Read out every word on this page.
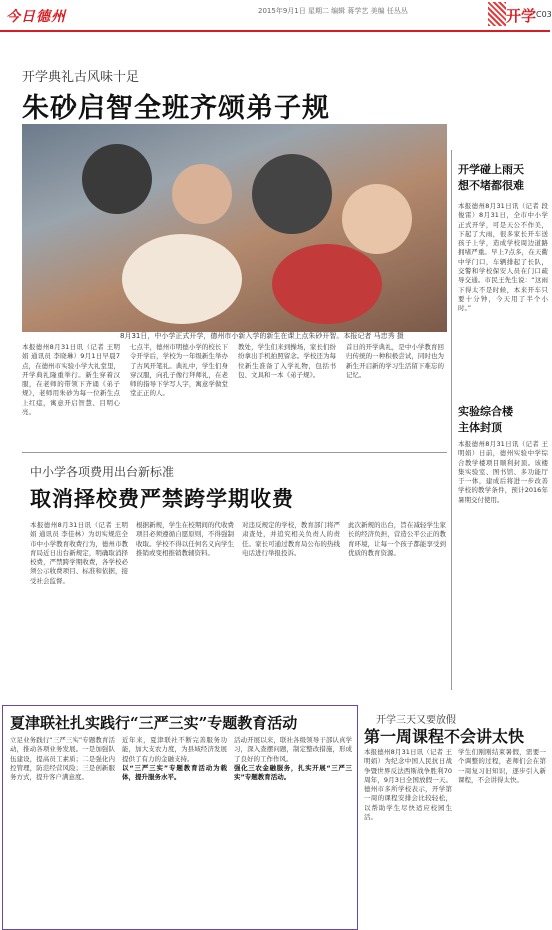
今日德州	2015年9月1日 星期二 编辑 蒋学艺 美编 任丛丛	开学 C03
开学典礼古风味十足
朱砂启智全班齐颂弟子规
8月31日，中小学正式开学，德州市小新入学的新生在课上点朱砂开智。本报记者 马忠秀 摄
本报德州8月31日讯（记者 王明娟 通讯员 李晓琳）9月1日早晨7点，在德州市实验小学大礼堂里，开学典礼隆重举行。新生穿着汉服，在老师的带领下齐诵《弟子规》，老师用朱砂为每一位新生点上红痣，寓意开启智慧、目明心亮。
七点半，德州市明德小学的校长下令开学后，学校为一年级新生举办了古风开笔礼。典礼中，学生们身穿汉服，向孔子像行拜师礼，在老师的指导下学写人字，寓意学做堂堂正正的人。
教处，学生们来到操场，家长们纷纷拿出手机拍照留念。学校还为每位新生准备了入学礼物，包括书包、文具和一本《弟子规》。
首日的开学典礼，是中小学教育回归传统的一种积极尝试，同时也为新生开启新的学习生活留下难忘的记忆。
开学碰上雨天
想不堵都很难
本报德州8月31日讯（记者 段俊雷）8月31日，全市中小学正式开学，可是天公不作美，下起了大雨，很多家长开车送孩子上学，造成学校周边道路拥堵严重。早上7点多，在天衢中学门口，车辆排起了长队，交警和学校保安人员在门口疏导交通。市民王先生说：“这雨下得太不是时候，本来开车只要十分钟，今天用了半个小时。”
实验综合楼
主体封顶
本报德州8月31日讯（记者 王明娟）日前，德州实验中学综合教学楼项目顺利封顶。该楼集实验室、图书馆、多功能厅于一体，建成后将进一步改善学校的教学条件，预计2016年暑期交付使用。
中小学各项费用出台新标准
取消择校费严禁跨学期收费
本报德州8月31日讯（记者 王明娟 通讯员 李佳林）为切实规范全市中小学教育收费行为，德州市教育局近日出台新规定，明确取消择校费，严禁跨学期收费，各学校必须公示收费项目、标准和依据，接受社会监督。
根据新规，学生在校期间的代收费项目必须遵循自愿原则，不得强制收取。学校不得以任何名义向学生推销或变相推销教辅资料。
对违反规定的学校，教育部门将严肃查处，并追究相关负责人的责任。家长可通过教育局公布的热线电话进行举报投诉。
此次新规的出台，旨在减轻学生家长的经济负担，营造公平公正的教育环境，让每一个孩子都能享受到优质的教育资源。
夏津联社扎实践行“三严三实”专题教育活动
立足业务践行“三严三实”专题教育活动，推动各项业务发展。一是加强队伍建设，提高员工素质；二是强化内控管理，防范经营风险；三是创新服务方式，提升客户满意度。
近年来，夏津联社不断完善服务功能，加大支农力度，为县域经济发展提供了有力的金融支持。
以“三严三实”专题教育活动为载体，提升服务水平。
活动开展以来，联社各级领导干部认真学习，深入查摆问题，制定整改措施，形成了良好的工作作风。
强化三农金融服务，扎实开展“三严三实”专题教育活动。
开学三天又要放假
第一周课程不会讲太快
本报德州8月31日讯（记者 王明娟）为纪念中国人民抗日战争暨世界反法西斯战争胜利70周年，9月3日全国放假一天。德州市多所学校表示，开学第一周的课程安排会比较轻松，以帮助学生尽快适应校园生活。
学生们刚刚结束暑假，需要一个调整的过程，老师们会在第一周复习旧知识，逐步引入新课程，不会讲得太快。
